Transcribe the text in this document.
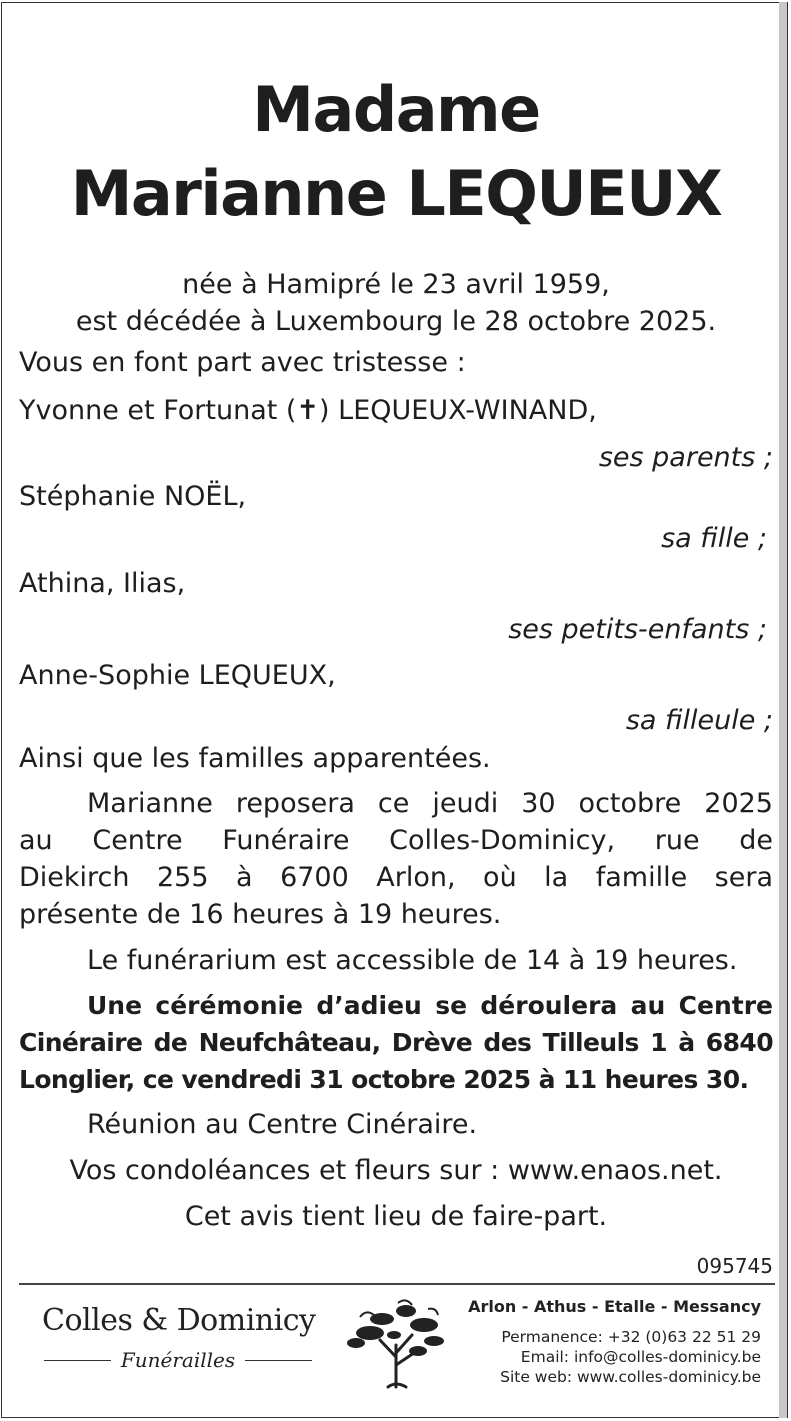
Madame
Marianne LEQUEUX
née à Hamipré le 23 avril 1959,
est décédée à Luxembourg le 28 octobre 2025.
Vous en font part avec tristesse :
Yvonne et Fortunat (✝) LEQUEUX-WINAND,
ses parents ;
Stéphanie NOËL,
sa fille ;
Athina, Ilias,
ses petits-enfants ;
Anne-Sophie LEQUEUX,
sa filleule ;
Ainsi que les familles apparentées.
Marianne reposera ce jeudi 30 octobre 2025
au Centre Funéraire Colles-Dominicy, rue de
Diekirch 255 à 6700 Arlon, où la famille sera
présente de 16 heures à 19 heures.
Le funérarium est accessible de 14 à 19 heures.
Une cérémonie d’adieu se déroulera au Centre
Cinéraire de Neufchâteau, Drève des Tilleuls 1 à 6840
Longlier, ce vendredi 31 octobre 2025 à 11 heures 30.
Réunion au Centre Cinéraire.
Vos condoléances et fleurs sur : www.enaos.net.
Cet avis tient lieu de faire-part.
095745
Colles & Dominicy
Funérailles
Arlon - Athus - Etalle - Messancy
Permanence: +32 (0)63 22 51 29
Email: info@colles-dominicy.be
Site web: www.colles-dominicy.be
